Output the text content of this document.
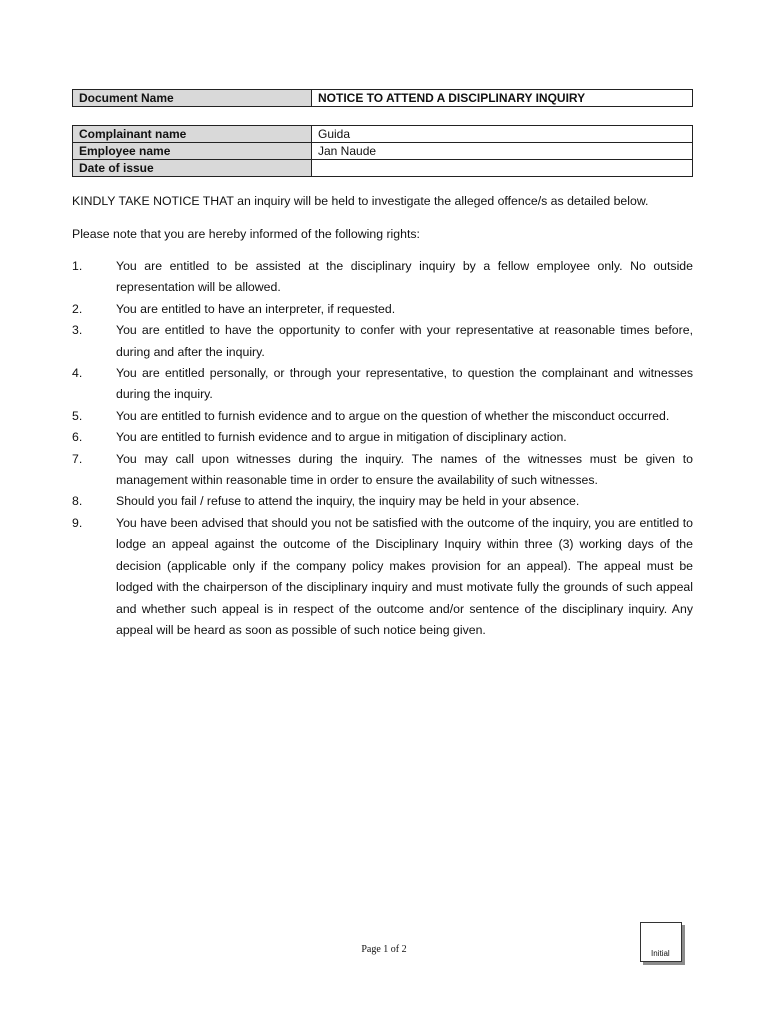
Document Name	NOTICE TO ATTEND A DISCIPLINARY INQUIRY
Complainant name	Guida
Employee name	Jan Naude
Date of issue	
KINDLY TAKE NOTICE THAT an inquiry will be held to investigate the alleged offence/s as detailed below.
Please note that you are hereby informed of the following rights:
1.	You are entitled to be assisted at the disciplinary inquiry by a fellow employee only. No outside representation will be allowed.
2.	You are entitled to have an interpreter, if requested.
3.	You are entitled to have the opportunity to confer with your representative at reasonable times before, during and after the inquiry.
4.	You are entitled personally, or through your representative, to question the complainant and witnesses during the inquiry.
5.	You are entitled to furnish evidence and to argue on the question of whether the misconduct occurred.
6.	You are entitled to furnish evidence and to argue in mitigation of disciplinary action.
7.	You may call upon witnesses during the inquiry. The names of the witnesses must be given to management within reasonable time in order to ensure the availability of such witnesses.
8.	Should you fail / refuse to attend the inquiry, the inquiry may be held in your absence.
9.	You have been advised that should you not be satisfied with the outcome of the inquiry, you are entitled to lodge an appeal against the outcome of the Disciplinary Inquiry within three (3) working days of the decision (applicable only if the company policy makes provision for an appeal). The appeal must be lodged with the chairperson of the disciplinary inquiry and must motivate fully the grounds of such appeal and whether such appeal is in respect of the outcome and/or sentence of the disciplinary inquiry. Any appeal will be heard as soon as possible of such notice being given.
Page 1 of 2	Initial
